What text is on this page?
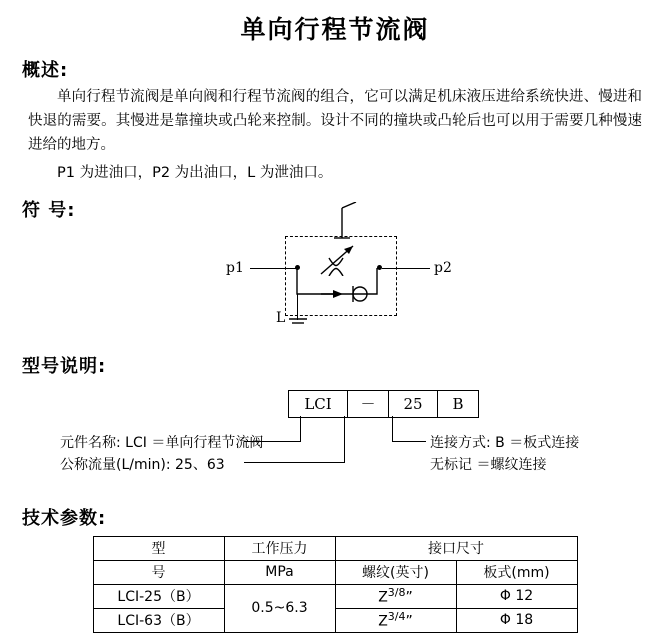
单向行程节流阀
概述:
单向行程节流阀是单向阀和行程节流阀的组合，它可以满足机床液压进给系统快进、慢进和快退的需要。其慢进是靠撞块或凸轮来控制。设计不同的撞块或凸轮后也可以用于需要几种慢速进给的地方。
P1 为进油口，P2 为出油口，L 为泄油口。
符 号:
p1	p2
L
型号说明:
LCI	－	25	B
元件名称: LCI ＝单向行程节流阀
公称流量(L/min): 25、63
连接方式: B ＝板式连接
无标记 ＝螺纹连接
技术参数:
型	工作压力	接口尺寸	
号	MPa	螺纹(英寸)	板式(mm)
LCI-25（B）	0.5~6.3	$Z^{3/8}$”	Φ 12
LCI-63（B）		$Z^{3/4}$”	Φ 18
